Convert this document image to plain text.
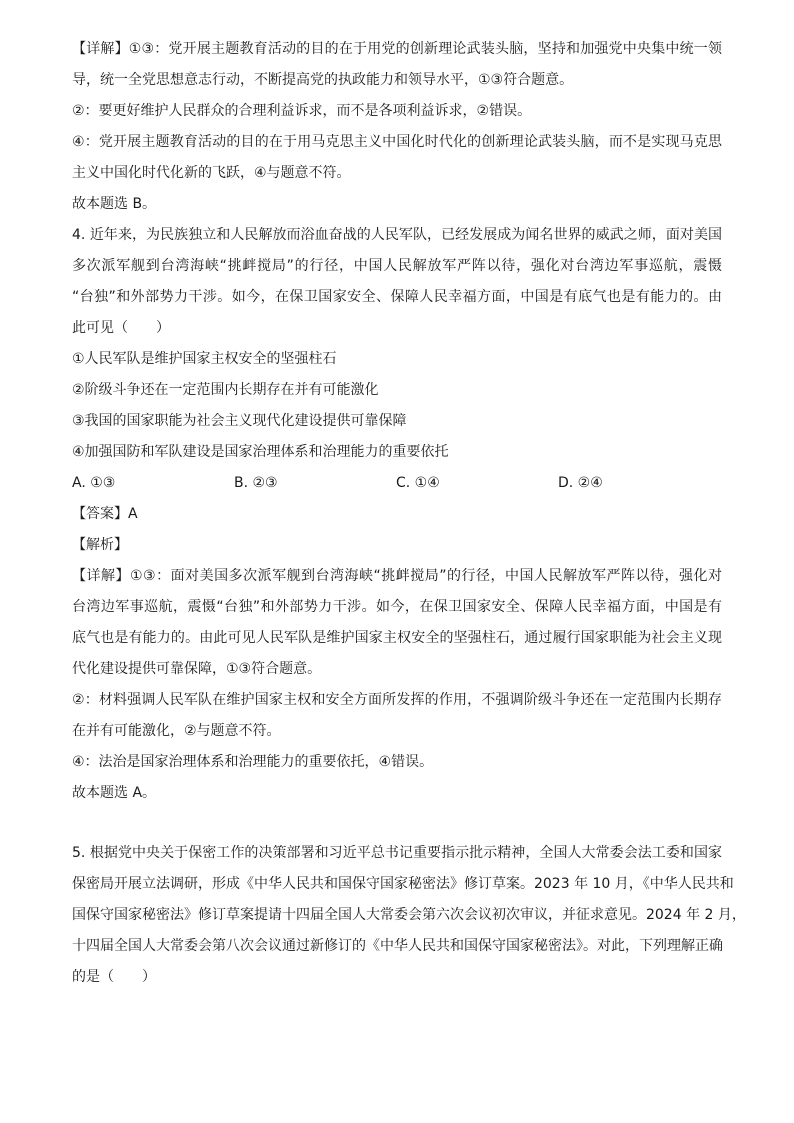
【详解】①③：党开展主题教育活动的目的在于用党的创新理论武装头脑，坚持和加强党中央集中统一领
导，统一全党思想意志行动，不断提高党的执政能力和领导水平，①③符合题意。
②：要更好维护人民群众的合理利益诉求，而不是各项利益诉求，②错误。
④：党开展主题教育活动的目的在于用马克思主义中国化时代化的创新理论武装头脑，而不是实现马克思
主义中国化时代化新的飞跃，④与题意不符。
故本题选 B。
4. 近年来，为民族独立和人民解放而浴血奋战的人民军队，已经发展成为闻名世界的威武之师，面对美国
多次派军舰到台湾海峡“挑衅搅局”的行径，中国人民解放军严阵以待，强化对台湾边军事巡航，震慑
“台独”和外部势力干涉。如今，在保卫国家安全、保障人民幸福方面，中国是有底气也是有能力的。由
此可见（　　）
①人民军队是维护国家主权安全的坚强柱石
②阶级斗争还在一定范围内长期存在并有可能激化
③我国的国家职能为社会主义现代化建设提供可靠保障
④加强国防和军队建设是国家治理体系和治理能力的重要依托
A. ①③	B. ②③	C. ①④	D. ②④
【答案】A
【解析】
【详解】①③：面对美国多次派军舰到台湾海峡“挑衅搅局”的行径，中国人民解放军严阵以待，强化对
台湾边军事巡航，震慑“台独”和外部势力干涉。如今，在保卫国家安全、保障人民幸福方面，中国是有
底气也是有能力的。由此可见人民军队是维护国家主权安全的坚强柱石，通过履行国家职能为社会主义现
代化建设提供可靠保障，①③符合题意。
②：材料强调人民军队在维护国家主权和安全方面所发挥的作用，不强调阶级斗争还在一定范围内长期存
在并有可能激化，②与题意不符。
④：法治是国家治理体系和治理能力的重要依托，④错误。
故本题选 A。
5. 根据党中央关于保密工作的决策部署和习近平总书记重要指示批示精神，全国人大常委会法工委和国家
保密局开展立法调研，形成《中华人民共和国保守国家秘密法》修订草案。2023 年 10 月，《中华人民共和
国保守国家秘密法》修订草案提请十四届全国人大常委会第六次会议初次审议，并征求意见。2024 年 2 月，
十四届全国人大常委会第八次会议通过新修订的《中华人民共和国保守国家秘密法》。对此，下列理解正确
的是（　　）
